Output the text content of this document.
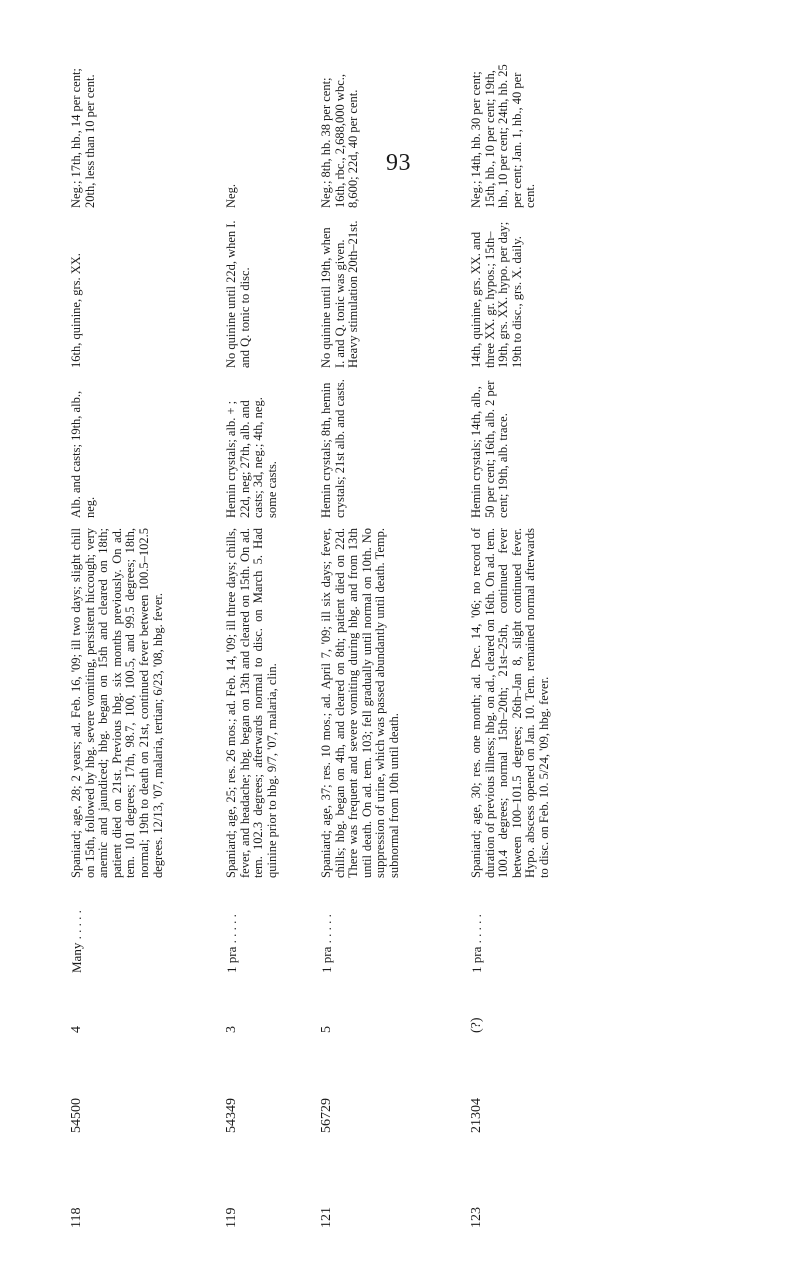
93
118
54500
4
Many . . . . .
Spaniard; age, 28; 2 years; ad. Feb. 16, '09; ill two days; slight chill on 15th, followed by hbg. severe vomiting, persistent hiccough; very anemic and jaundiced; hbg. began on 15th and cleared on 18th; patient died on 21st. Previous hbg. six months previously. On ad. tem. 101 degrees; 17th, 98.7, 100, 100.5, and 99.5 degrees; 18th, normal; 19th to death on 21st, continued fever between 100.5–102.5 degrees. 12/13, '07, malaria, tertian; 6/23, '08, hbg. fever.
Alb. and casts; 19th, alb., neg.
16th, quinine, grs. XX.
Neg.; 17th, hb., 14 per cent; 20th, less than 10 per cent.
119
54349
3
1 pra . . . . .
Spaniard; age, 25; res. 26 mos.; ad. Feb. 14, '09; ill three days; chills, fever, and headache; hbg. began on 13th and cleared on 15th. On ad. tem. 102.3 degrees; afterwards normal to disc. on March 5. Had quinine prior to hbg. 9/7, '07, malaria, clin.
Hemin crystals; alb. + ; 22d, neg; 27th, alb. and casts; 3d, neg.; 4th, neg. some casts.
No quinine until 22d, when I. and Q. tonic to disc.
Neg.
121
56729
5
1 pra . . . . .
Spaniard; age, 37; res. 10 mos.; ad. April 7, '09; ill six days; fever, chills; hbg. began on 4th, and cleared on 8th; patient died on 22d. There was frequent and severe vomiting during hbg. and from 13th until death. On ad. tem. 103; fell gradually until normal on 10th. No suppression of urine, which was passed abundantly until death. Temp. subnormal from 10th until death.
Hemin crystals; 8th, hemin crystals; 21st alb. and casts.
No quinine until 19th, when I. and Q. tonic was given. Heavy stimulation 20th–21st.
Neg.; 8th, hb. 38 per cent; 16th, rbc., 2,688,000 wbc., 8,600; 22d, 40 per cent.
123
21304
(?)
1 pra . . . . .
Spaniard; age, 30; res. one month; ad. Dec. 14, '06; no record of duration of previous illness; hbg. on ad., cleared on 16th. On ad. tem. 100.4 degrees; normal 15th–20th; 21st–25th, continued fever between 100–101.5 degrees; 26th–Jan 8, slight continued fever. Hypo. abscess opened on Jan. 10. Tem. remained normal afterwards to disc. on Feb. 10. 5/24, '09, hbg. fever.
Hemin crystals; 14th, alb., 50 per cent; 16th, alb. 2 per cent; 19th, alb. trace.
14th, quinine, grs. XX. and three XX. gr. hypos.; 15th–19th, grs. XX. hypo. per day; 19th to disc., grs. X. daily.
Neg.; 14th, hb. 30 per cent; 15th, hb., 10 per cent; 19th, hb., 10 per cent; 24th, hb. 25 per cent; Jan. 1, hb., 40 per cent.
